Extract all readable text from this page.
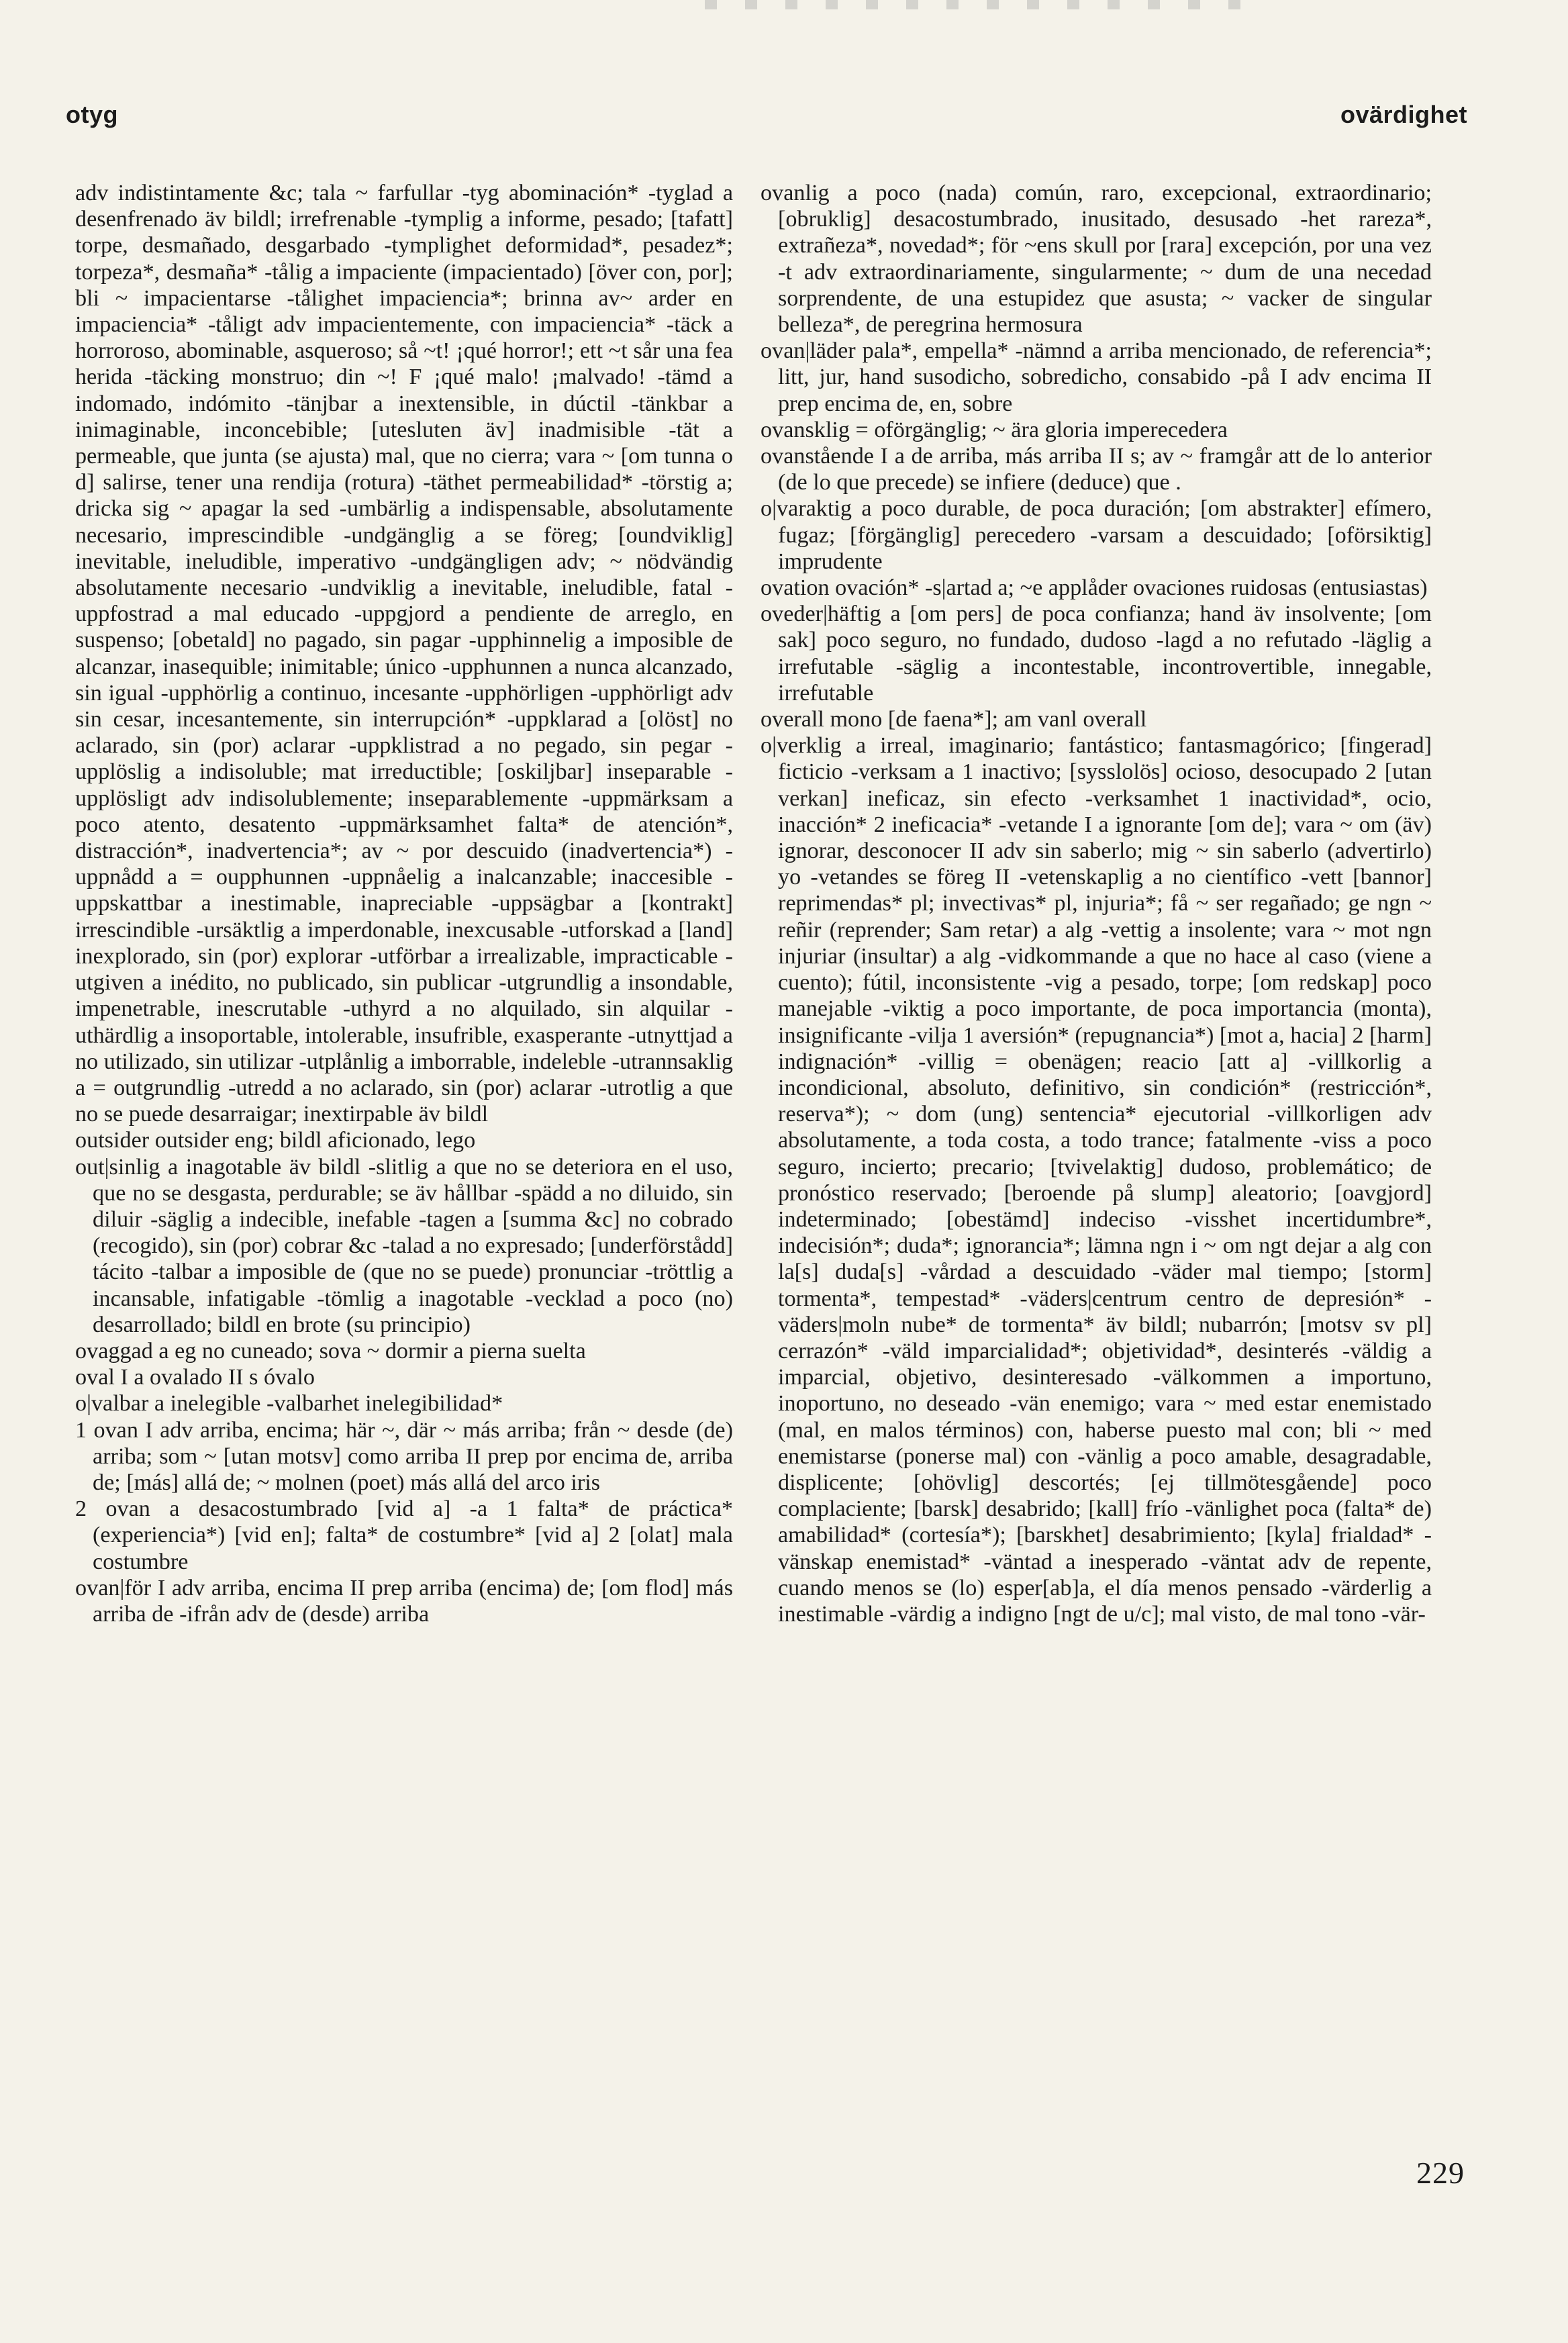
otyg	ovärdighet

adv indistintamente &c; tala ~ farfullar -tyg abominación* -tyglad a desenfrenado äv bildl; irrefrenable -tymplig a informe, pesado; [tafatt] torpe, desmañado, desgarbado -tymplighet deformidad*, pesadez*; torpeza*, desmaña* -tålig a impaciente (impacientado) [över con, por]; bli ~ impacientarse -tålighet impaciencia*; brinna av~ arder en impaciencia* -tåligt adv impacientemente, con impaciencia* -täck a horroroso, abominable, asqueroso; så ~t! ¡qué horror!; ett ~t sår una fea herida -täcking monstruo; din ~! F ¡qué malo! ¡malvado! -tämd a indomado, indómito -tänjbar a inextensible, in dúctil -tänkbar a inimaginable, inconcebible; [utesluten äv] inadmisible -tät a permeable, que junta (se ajusta) mal, que no cierra; vara ~ [om tunna o d] salirse, tener una rendija (rotura) -täthet permeabilidad* -törstig a; dricka sig ~ apagar la sed -umbärlig a indispensable, absolutamente necesario, imprescindible -undgänglig a se föreg; [oundviklig] inevitable, ineludible, imperativo -undgängligen adv; ~ nödvändig absolutamente necesario -undviklig a inevitable, ineludible, fatal -uppfostrad a mal educado -uppgjord a pendiente de arreglo, en suspenso; [obetald] no pagado, sin pagar -upphinnelig a imposible de alcanzar, inasequible; inimitable; único -upphunnen a nunca alcanzado, sin igual -upphörlig a continuo, incesante -upphörligen -upphörligt adv sin cesar, incesantemente, sin interrupción* -uppklarad a [olöst] no aclarado, sin (por) aclarar -uppklistrad a no pegado, sin pegar -upplöslig a indisoluble; mat irreductible; [oskiljbar] inseparable -upplösligt adv indisolublemente; inseparablemente -uppmärksam a poco atento, desatento -uppmärksamhet falta* de atención*, distracción*, inadvertencia*; av ~ por descuido (inadvertencia*) -uppnådd a = oupphunnen -uppnåelig a inalcanzable; inaccesible -uppskattbar a inestimable, inapreciable -uppsägbar a [kontrakt] irrescindible -ursäktlig a imperdonable, inexcusable -utforskad a [land] inexplorado, sin (por) explorar -utförbar a irrealizable, impracticable -utgiven a inédito, no publicado, sin publicar -utgrundlig a insondable, impenetrable, inescrutable -uthyrd a no alquilado, sin alquilar -uthärdlig a insoportable, intolerable, insufrible, exasperante -utnyttjad a no utilizado, sin utilizar -utplånlig a imborrable, indeleble -utrannsaklig a = outgrundlig -utredd a no aclarado, sin (por) aclarar -utrotlig a que no se puede desarraigar; inextirpable äv bildl

outsider outsider eng; bildl aficionado, lego

out|sinlig a inagotable äv bildl -slitlig a que no se deteriora en el uso, que no se desgasta, perdurable; se äv hållbar -spädd a no diluido, sin diluir -säglig a indecible, inefable -tagen a [summa &c] no cobrado (recogido), sin (por) cobrar &c -talad a no expresado; [underförstådd] tácito -talbar a imposible de (que no se puede) pronunciar -tröttlig a incansable, infatigable -tömlig a inagotable -vecklad a poco (no) desarrollado; bildl en brote (su principio)

ovaggad a eg no cuneado; sova ~ dormir a pierna suelta

oval I a ovalado II s óvalo

o|valbar a inelegible -valbarhet inelegibilidad*

1 ovan I adv arriba, encima; här ~, där ~ más arriba; från ~ desde (de) arriba; som ~ [utan motsv] como arriba II prep por encima de, arriba de; [más] allá de; ~ molnen (poet) más allá del arco iris

2 ovan a desacostumbrado [vid a] -a 1 falta* de práctica* (experiencia*) [vid en]; falta* de costumbre* [vid a] 2 [olat] mala costumbre

ovan|för I adv arriba, encima II prep arriba (encima) de; [om flod] más arriba de -ifrån adv de (desde) arriba

ovanlig a poco (nada) común, raro, excepcional, extraordinario; [obruklig] desacostumbrado, inusitado, desusado -het rareza*, extrañeza*, novedad*; för ~ens skull por [rara] excepción, por una vez -t adv extraordinariamente, singularmente; ~ dum de una necedad sorprendente, de una estupidez que asusta; ~ vacker de singular belleza*, de peregrina hermosura

ovan|läder pala*, empella* -nämnd a arriba mencionado, de referencia*; litt, jur, hand susodicho, sobredicho, consabido -på I adv encima II prep encima de, en, sobre

ovansklig = oförgänglig; ~ ära gloria imperecedera

ovanstående I a de arriba, más arriba II s; av ~ framgår att de lo anterior (de lo que precede) se infiere (deduce) que .

o|varaktig a poco durable, de poca duración; [om abstrakter] efímero, fugaz; [förgänglig] perecedero -varsam a descuidado; [oförsiktig] imprudente

ovation ovación* -s|artad a; ~e applåder ovaciones ruidosas (entusiastas)

oveder|häftig a [om pers] de poca confianza; hand äv insolvente; [om sak] poco seguro, no fundado, dudoso -lagd a no refutado -läglig a irrefutable -säglig a incontestable, incontrovertible, innegable, irrefutable

overall mono [de faena*]; am vanl overall

o|verklig a irreal, imaginario; fantástico; fantasmagórico; [fingerad] ficticio -verksam a 1 inactivo; [sysslolös] ocioso, desocupado 2 [utan verkan] ineficaz, sin efecto -verksamhet 1 inactividad*, ocio, inacción* 2 ineficacia* -vetande I a ignorante [om de]; vara ~ om (äv) ignorar, desconocer II adv sin saberlo; mig ~ sin saberlo (advertirlo) yo -vetandes se föreg II -vetenskaplig a no científico -vett [bannor] reprimendas* pl; invectivas* pl, injuria*; få ~ ser regañado; ge ngn ~ reñir (reprender; Sam retar) a alg -vettig a insolente; vara ~ mot ngn injuriar (insultar) a alg -vidkommande a que no hace al caso (viene a cuento); fútil, inconsistente -vig a pesado, torpe; [om redskap] poco manejable -viktig a poco importante, de poca importancia (monta), insignificante -vilja 1 aversión* (repugnancia*) [mot a, hacia] 2 [harm] indignación* -villig = obenägen; reacio [att a] -villkorlig a incondicional, absoluto, definitivo, sin condición* (restricción*, reserva*); ~ dom (ung) sentencia* ejecutorial -villkorligen adv absolutamente, a toda costa, a todo trance; fatalmente -viss a poco seguro, incierto; precario; [tvivelaktig] dudoso, problemático; de pronóstico reservado; [beroende på slump] aleatorio; [oavgjord] indeterminado; [obestämd] indeciso -visshet incertidumbre*, indecisión*; duda*; ignorancia*; lämna ngn i ~ om ngt dejar a alg con la[s] duda[s] -vårdad a descuidado -väder mal tiempo; [storm] tormenta*, tempestad* -väders|centrum centro de depresión* -väders|moln nube* de tormenta* äv bildl; nubarrón; [motsv sv pl] cerrazón* -väld imparcialidad*; objetividad*, desinterés -väldig a imparcial, objetivo, desinteresado -välkommen a importuno, inoportuno, no deseado -vän enemigo; vara ~ med estar enemistado (mal, en malos términos) con, haberse puesto mal con; bli ~ med enemistarse (ponerse mal) con -vänlig a poco amable, desagradable, displicente; [ohövlig] descortés; [ej tillmötesgående] poco complaciente; [barsk] desabrido; [kall] frío -vänlighet poca (falta* de) amabilidad* (cortesía*); [barskhet] desabrimiento; [kyla] frialdad* -vänskap enemistad* -väntad a inesperado -väntat adv de repente, cuando menos se (lo) esper[ab]a, el día menos pensado -värderlig a inestimable -värdig a indigno [ngt de u/c]; mal visto, de mal tono -vär-

229
